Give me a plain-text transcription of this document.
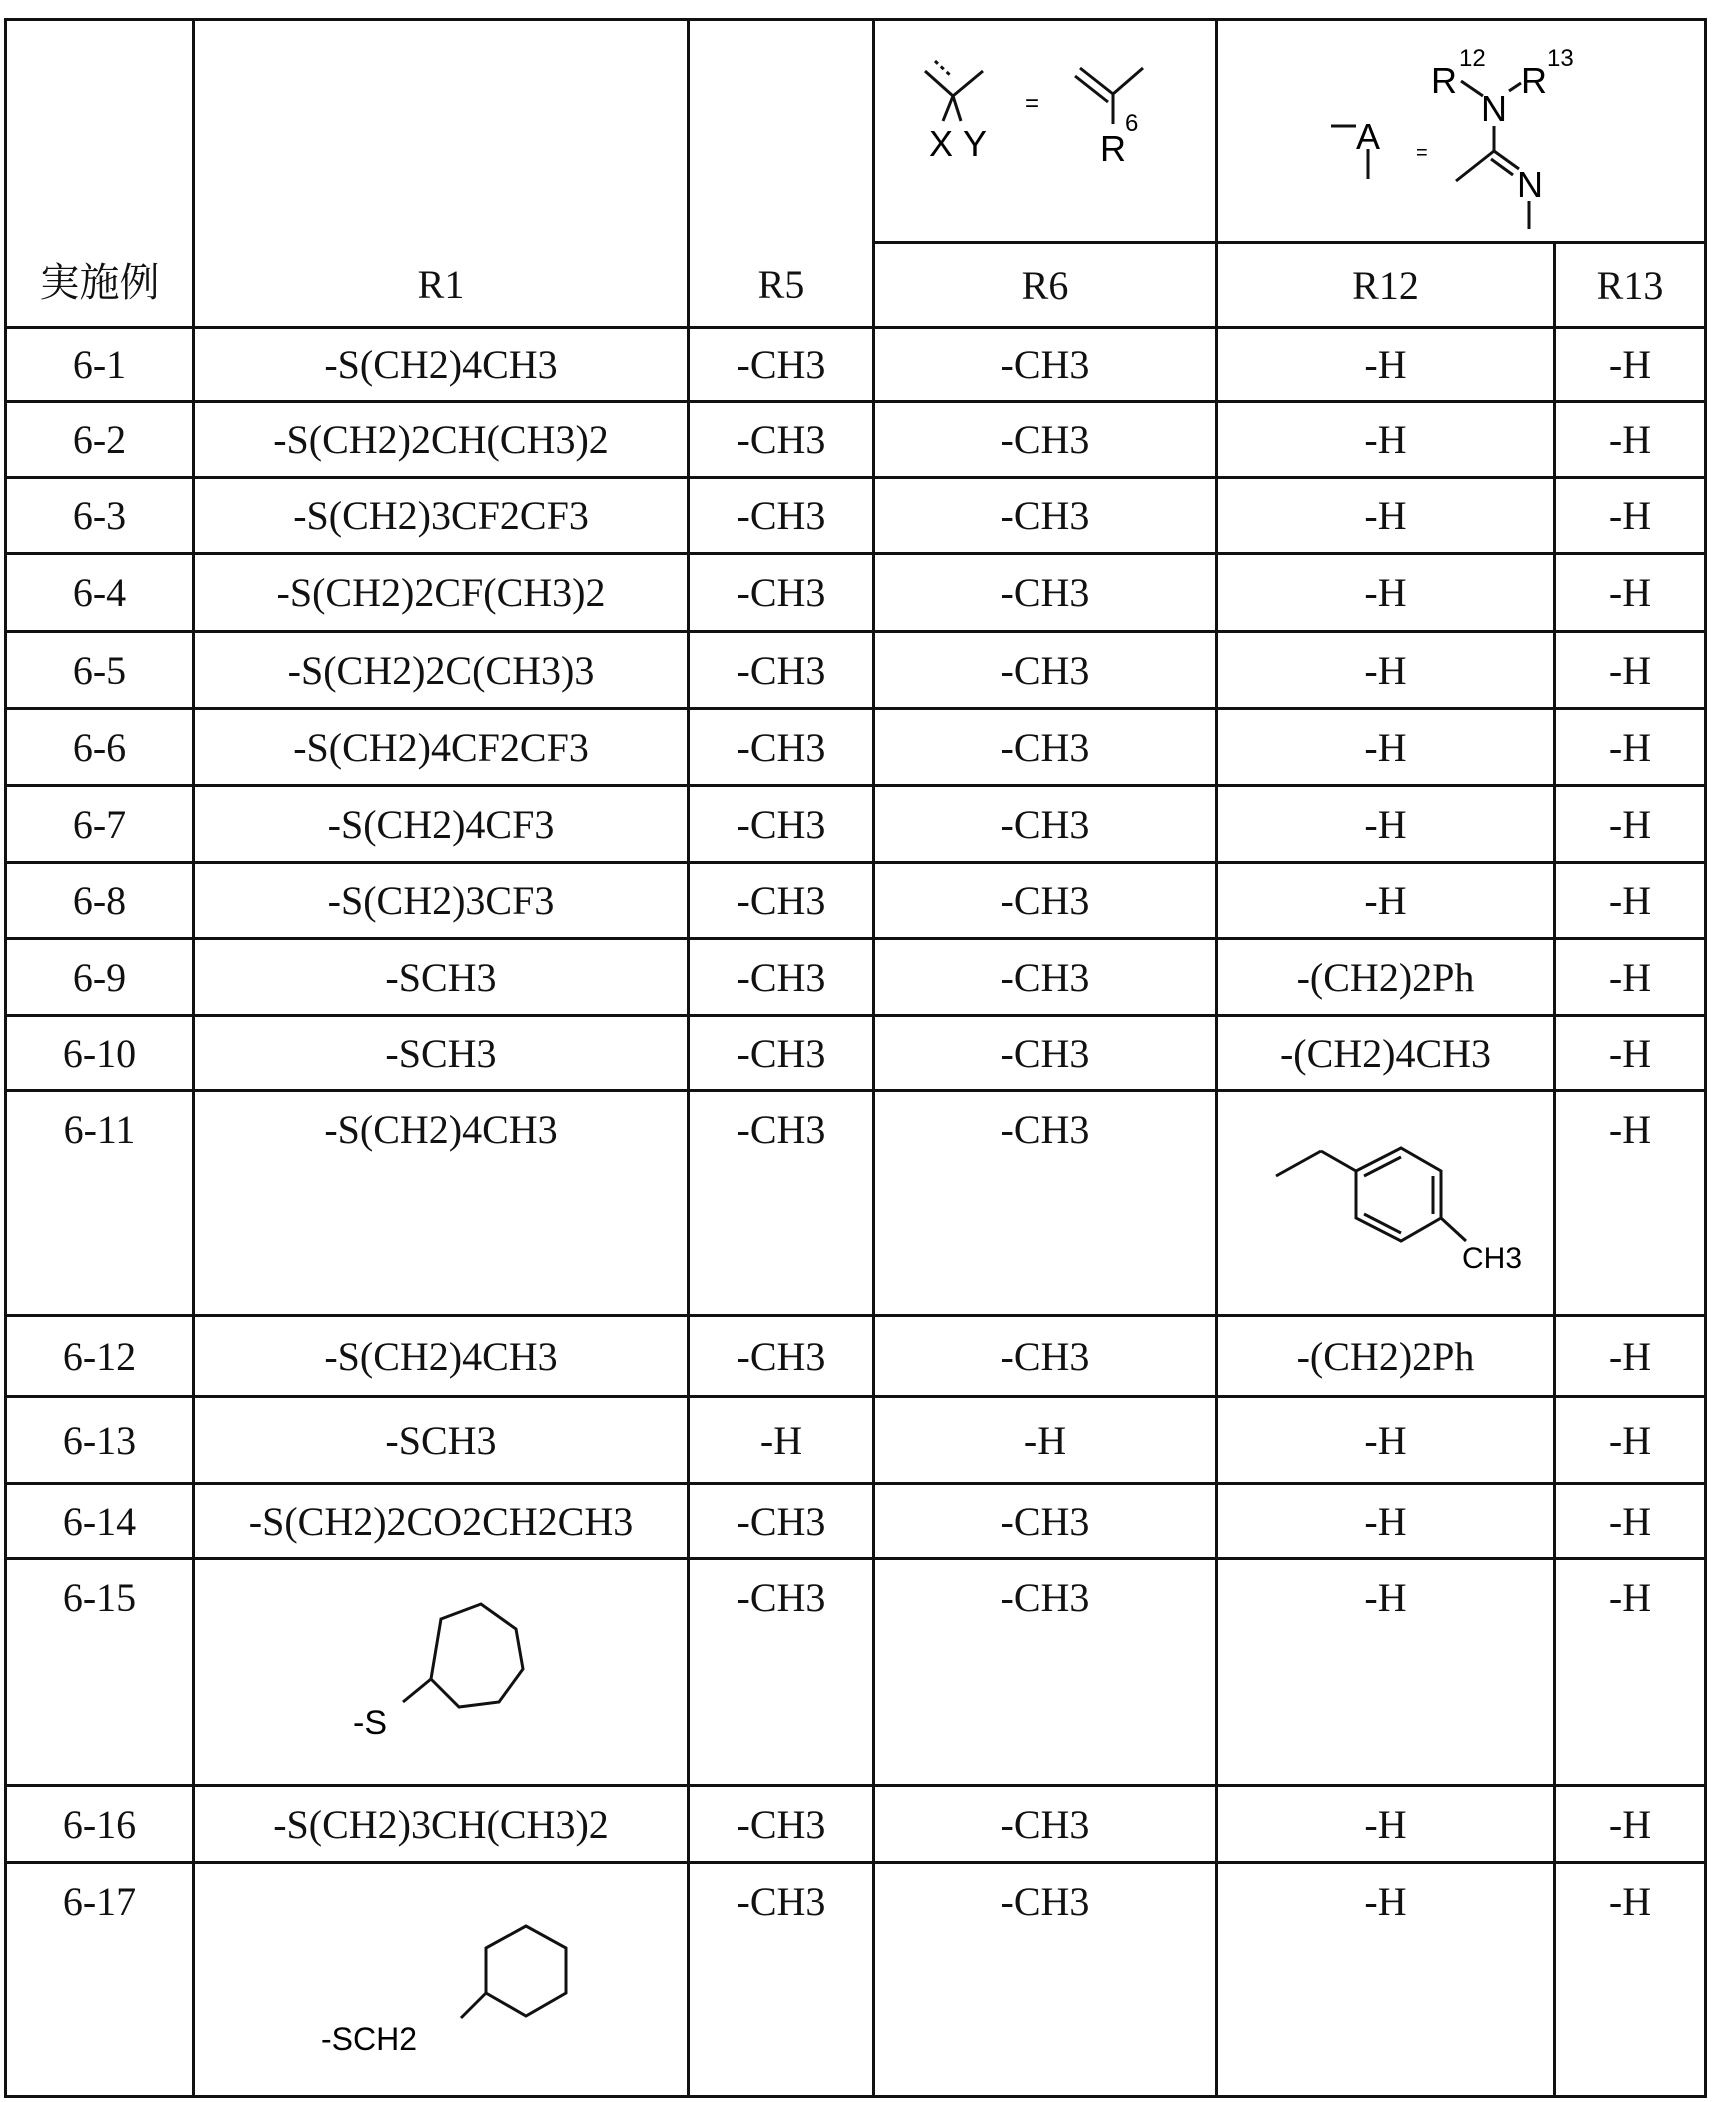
実施例	R1	R5	
X Y
=
R
6	A =
N
N
R
12
R
13

R6	R12	R13
6-1	-S(CH2)4CH3	-CH3	-CH3	-H	-H
6-2	-S(CH2)2CH(CH3)2	-CH3	-CH3	-H	-H
6-3	-S(CH2)3CF2CF3	-CH3	-CH3	-H	-H
6-4	-S(CH2)2CF(CH3)2	-CH3	-CH3	-H	-H
6-5	-S(CH2)2C(CH3)3	-CH3	-CH3	-H	-H
6-6	-S(CH2)4CF2CF3	-CH3	-CH3	-H	-H
6-7	-S(CH2)4CF3	-CH3	-CH3	-H	-H
6-8	-S(CH2)3CF3	-CH3	-CH3	-H	-H
6-9	-SCH3	-CH3	-CH3	-(CH2)2Ph	-H
6-10	-SCH3	-CH3	-CH3	-(CH2)4CH3	-H
6-11	-S(CH2)4CH3	-CH3	-CH3	
CH3
	-H
6-12	-S(CH2)4CH3	-CH3	-CH3	-(CH2)2Ph	-H
6-13	-SCH3	-H	-H	-H	-H
6-14	-S(CH2)2CO2CH2CH3	-CH3	-CH3	-H	-H
6-15	
-S
	-CH3	-CH3	-H	-H
6-16	-S(CH2)3CH(CH3)2	-CH3	-CH3	-H	-H
6-17	
-SCH2
	-CH3	-CH3	-H	-H
